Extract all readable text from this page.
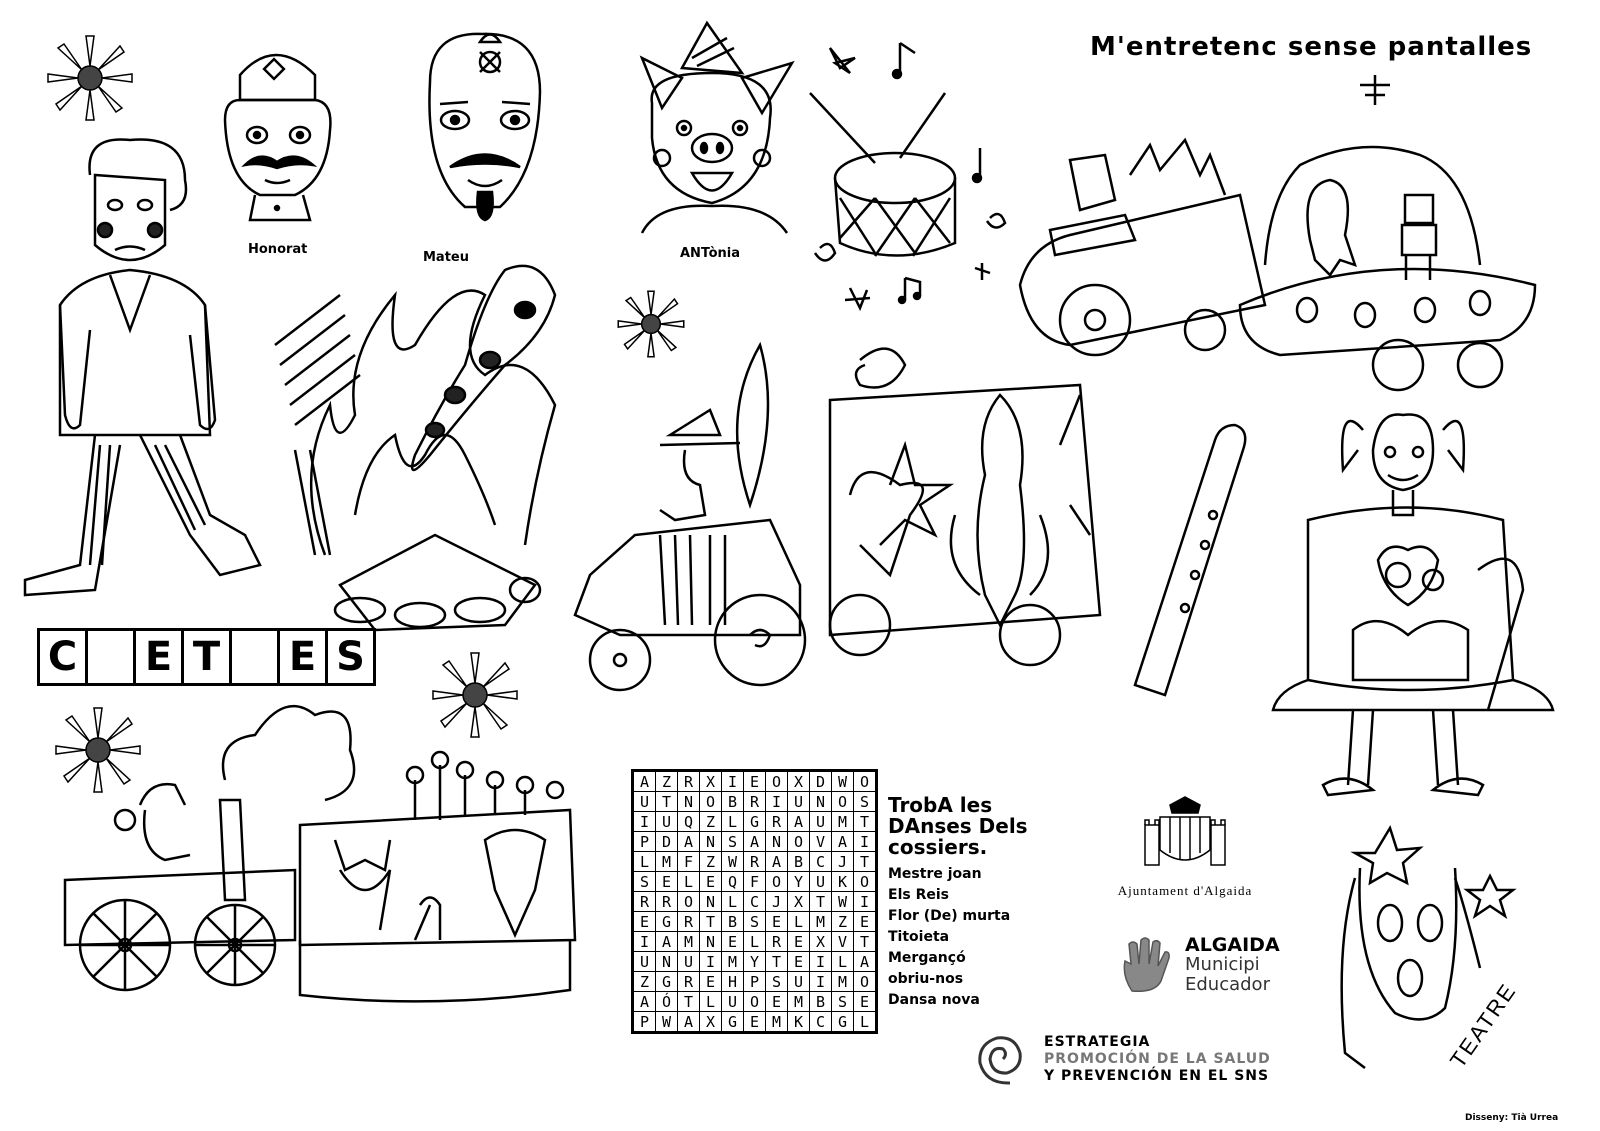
M'entretenc sense pantalles
Honorat
Mateu	ANTònia
C E T E S
A	Z	R	X	I	E	O	X	D	W	O
U	T	N	O	B	R	I	U	N	O	S
I	U	Q	Z	L	G	R	A	U	M	T
P	D	A	N	S	A	N	O	V	A	I
L	M	F	Z	W	R	A	B	C	J	T
S	E	L	E	Q	F	O	Y	U	K	O
R	R	O	N	L	C	J	X	T	W	I
E	G	R	T	B	S	E	L	M	Z	E
I	A	M	N	E	L	R	E	X	V	T
U	N	U	I	M	Y	T	E	I	L	A
Z	G	R	E	H	P	S	U	I	M	O
A	Ó	T	L	U	O	E	M	B	S	E
P	W	A	X	G	E	M	K	C	G	L
TrobA les
DAnses Dels
cossiers.
Mestre joan
Els Reis
Flor (De) murta
Titoieta
Mergançó
obriu-nos
Dansa nova
Ajuntament d'Algaida
ALGAIDA
Municipi
Educador
ESTRATEGIA
PROMOCIÓN DE LA SALUD
Y PREVENCIÓN EN EL SNS
TEATRE
Disseny: Tià Urrea
